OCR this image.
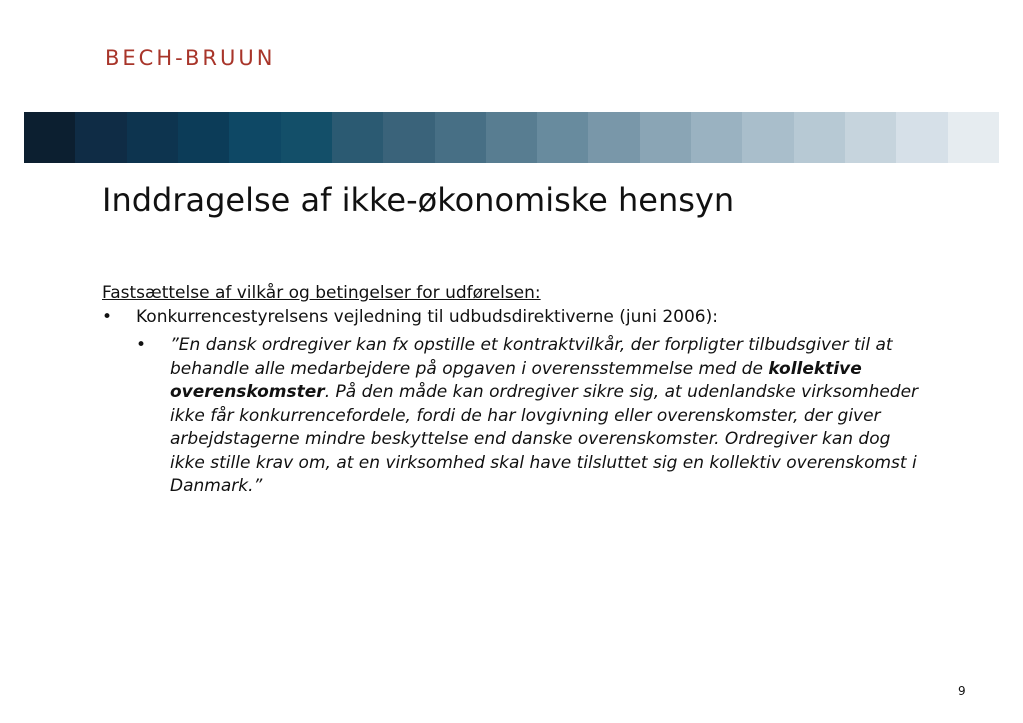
BECH-BRUUN
Inddragelse af ikke-økonomiske hensyn

Fastsættelse af vilkår og betingelser for udførelsen:

•	Konkurrencestyrelsens vejledning til udbudsdirektiverne (juni 2006):
•	”En dansk ordregiver kan fx opstille et kontraktvilkår, der forpligter tilbudsgiver til at behandle alle medarbejdere på opgaven i overensstemmelse med de kollektive overenskomster. På den måde kan ordregiver sikre sig, at udenlandske virksomheder ikke får konkurrencefordele, fordi de har lovgivning eller overenskomster, der giver arbejdstagerne mindre beskyttelse end danske overenskomster. Ordregiver kan dog ikke stille krav om, at en virksomhed skal have tilsluttet sig en kollektiv overenskomst i Danmark.”
9
